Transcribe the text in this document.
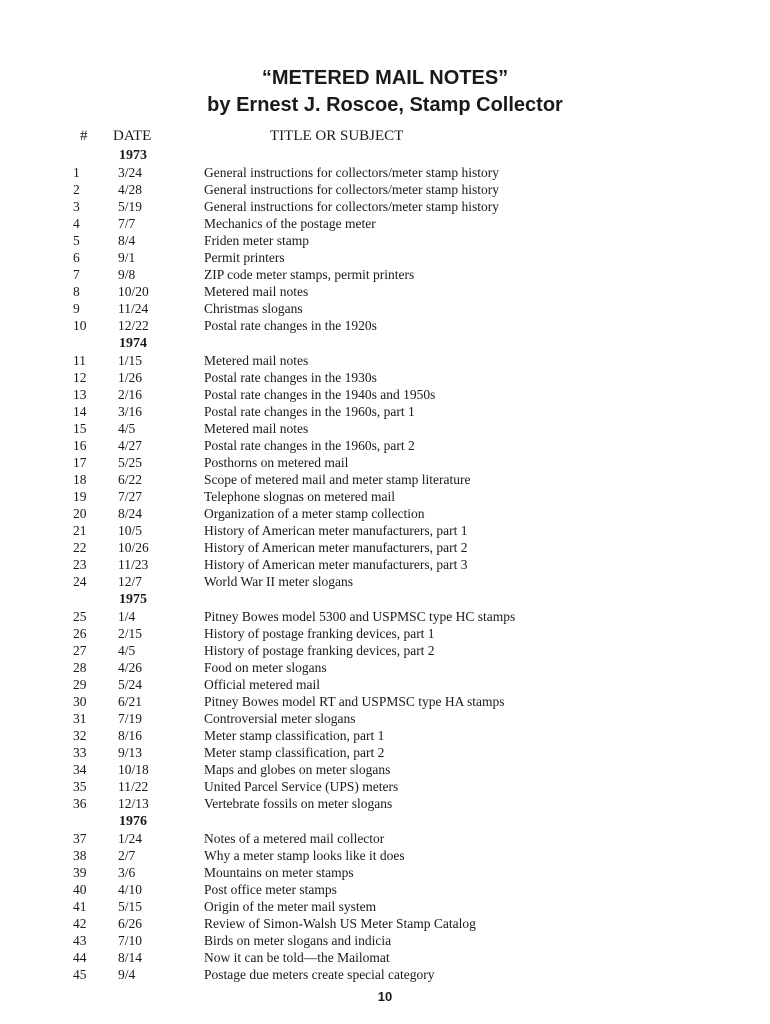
“METERED MAIL NOTES”
by Ernest J. Roscoe, Stamp Collector
# DATE	TITLE OR SUBJECT
1973
1	3/24	General instructions for collectors/meter stamp history
2	4/28	General instructions for collectors/meter stamp history
3	5/19	General instructions for collectors/meter stamp history
4	7/7	Mechanics of the postage meter
5	8/4	Friden meter stamp
6	9/1	Permit printers
7	9/8	ZIP code meter stamps, permit printers
8	10/20	Metered mail notes
9	11/24	Christmas slogans
10 12/22	Postal rate changes in the 1920s
1974
11 1/15	Metered mail notes
12 1/26	Postal rate changes in the 1930s
13 2/16	Postal rate changes in the 1940s and 1950s
14 3/16	Postal rate changes in the 1960s, part 1
15 4/5	Metered mail notes
16 4/27	Postal rate changes in the 1960s, part 2
17 5/25	Posthorns on metered mail
18 6/22	Scope of metered mail and meter stamp literature
19 7/27	Telephone slognas on metered mail
20 8/24	Organization of a meter stamp collection
21 10/5	History of American meter manufacturers, part 1
22 10/26	History of American meter manufacturers, part 2
23 11/23	History of American meter manufacturers, part 3
24 12/7	World War II meter slogans
1975
25 1/4	Pitney Bowes model 5300 and USPMSC type HC stamps
26 2/15	History of postage franking devices, part 1
27 4/5	History of postage franking devices, part 2
28 4/26	Food on meter slogans
29 5/24	Official metered mail
30 6/21	Pitney Bowes model RT and USPMSC type HA stamps
31 7/19	Controversial meter slogans
32 8/16	Meter stamp classification, part 1
33 9/13	Meter stamp classification, part 2
34 10/18	Maps and globes on meter slogans
35 11/22	United Parcel Service (UPS) meters
36 12/13	Vertebrate fossils on meter slogans
1976
37 1/24	Notes of a metered mail collector
38 2/7	Why a meter stamp looks like it does
39 3/6	Mountains on meter stamps
40 4/10	Post office meter stamps
41 5/15	Origin of the meter mail system
42 6/26	Review of Simon-Walsh US Meter Stamp Catalog
43 7/10	Birds on meter slogans and indicia
44 8/14	Now it can be told—the Mailomat
45 9/4	Postage due meters create special category
10
